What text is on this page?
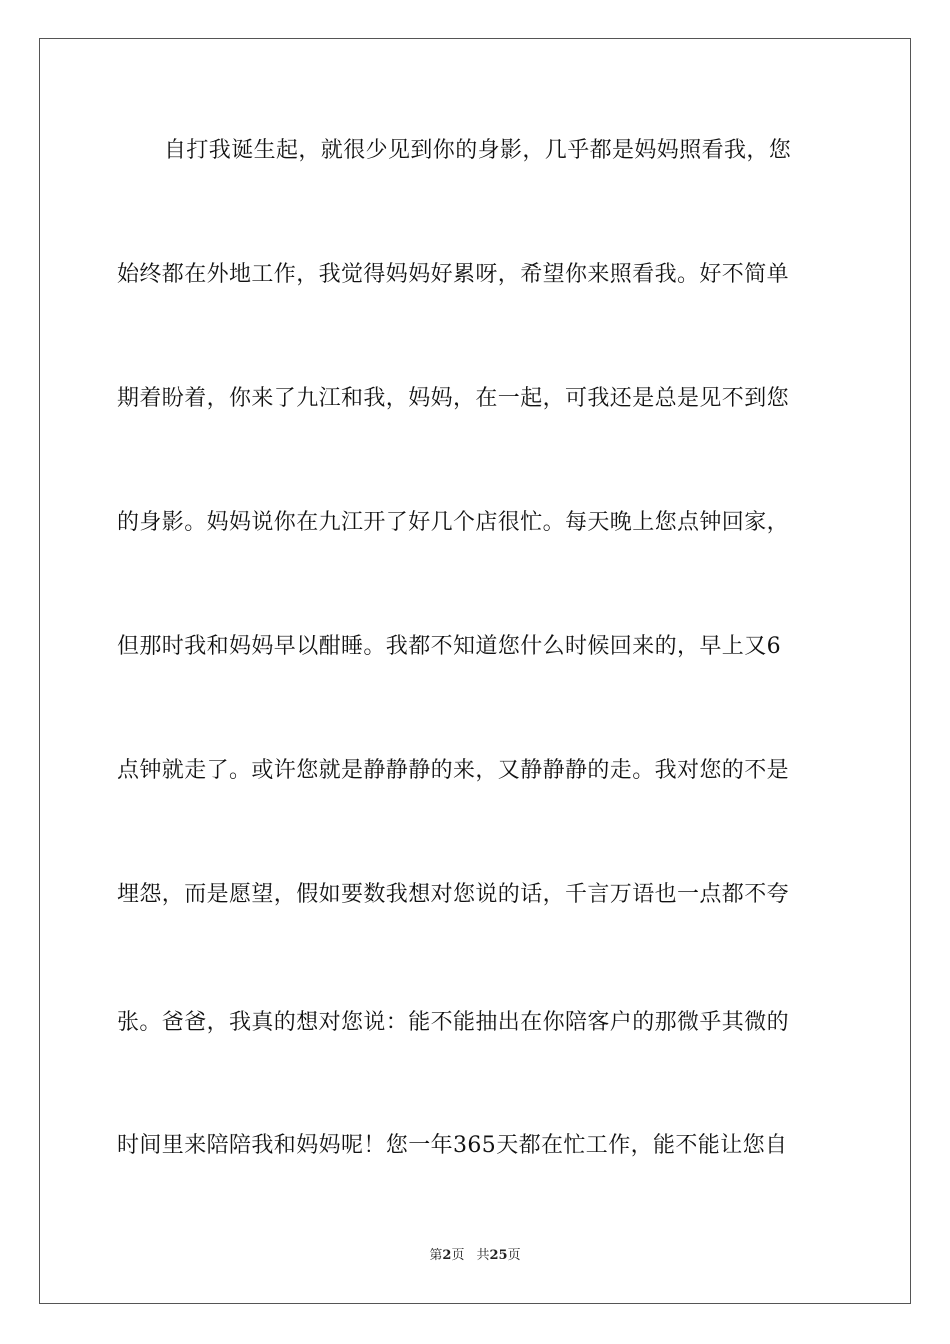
自打我诞生起，就很少见到你的身影，几乎都是妈妈照看我，您
始终都在外地工作，我觉得妈妈好累呀，希望你来照看我。好不简单
期着盼着，你来了九江和我，妈妈，在一起，可我还是总是见不到您
的身影。妈妈说你在九江开了好几个店很忙。每天晚上您点钟回家，
但那时我和妈妈早以酣睡。我都不知道您什么时候回来的，早上又6
点钟就走了。或许您就是静静静的来，又静静静的走。我对您的不是
埋怨，而是愿望，假如要数我想对您说的话，千言万语也一点都不夸
张。爸爸，我真的想对您说：能不能抽出在你陪客户的那微乎其微的
时间里来陪陪我和妈妈呢！您一年365天都在忙工作，能不能让您自
第2页 共25页
